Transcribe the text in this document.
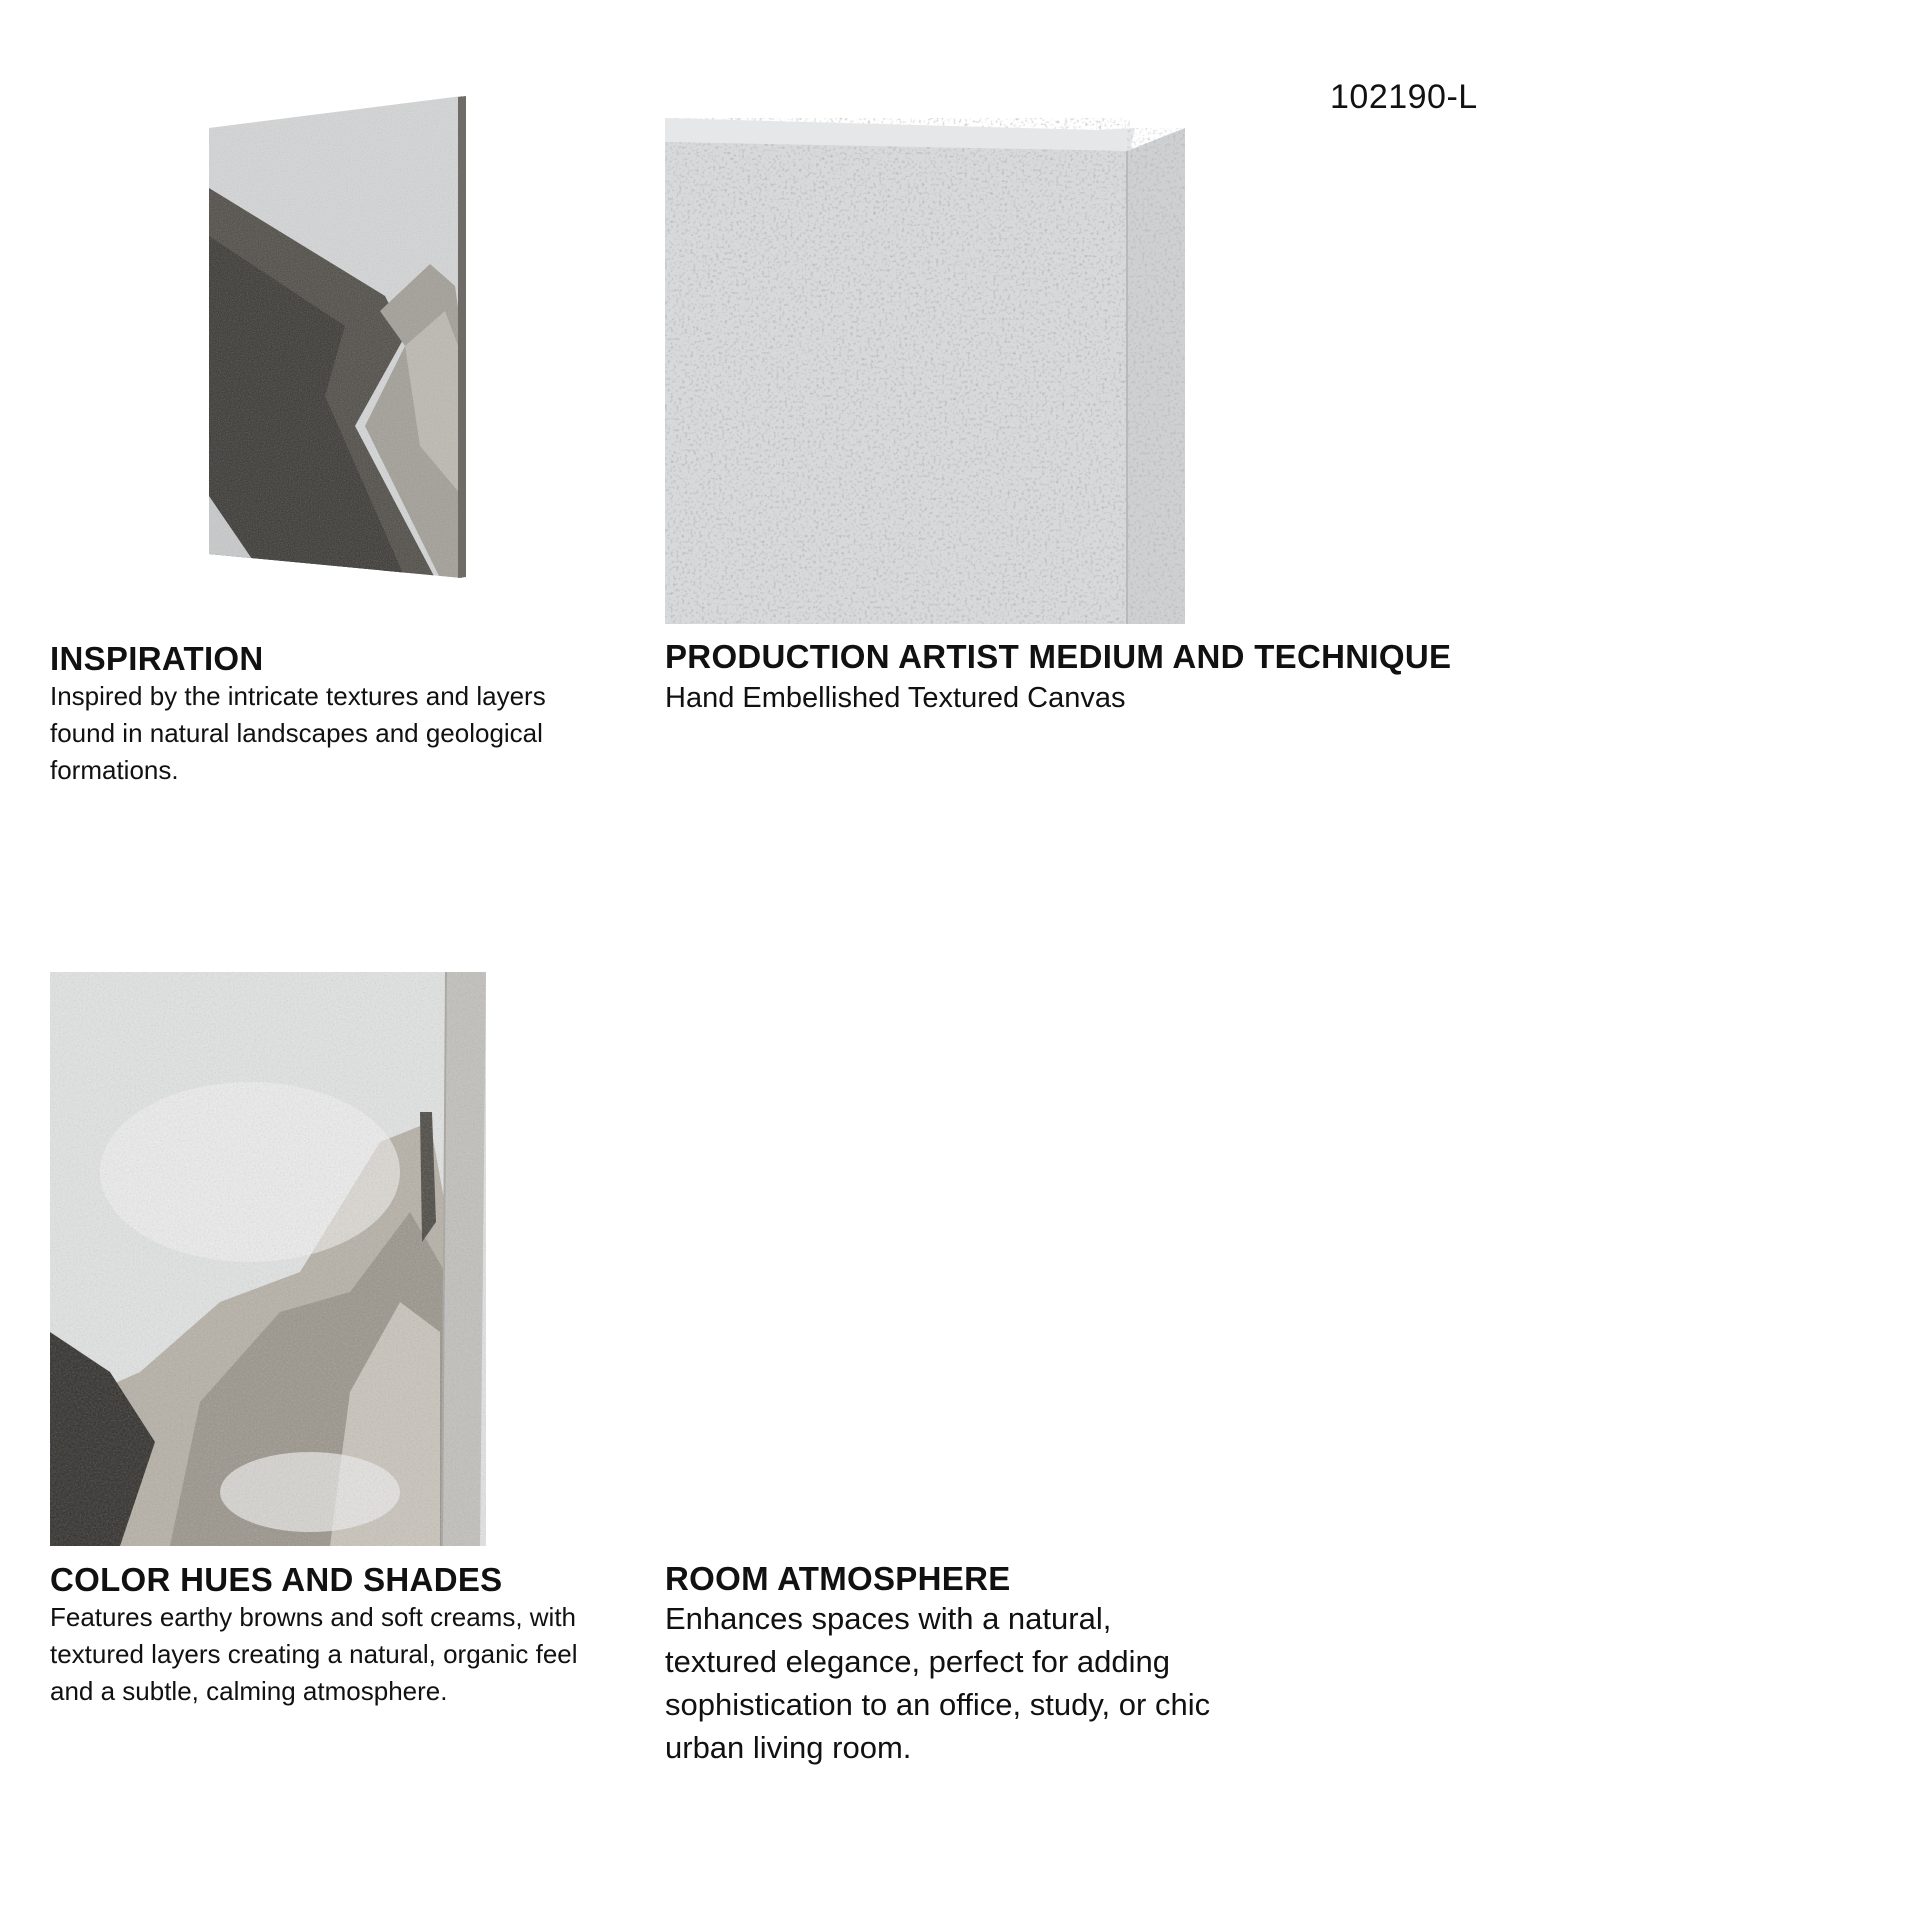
102190-L
INSPIRATION
Inspired by the intricate textures and layers
found in natural landscapes and geological
formations.
PRODUCTION ARTIST MEDIUM AND TECHNIQUE
Hand Embellished Textured Canvas
COLOR HUES AND SHADES
Features earthy browns and soft creams, with
textured layers creating a natural, organic feel
and a subtle, calming atmosphere.
ROOM ATMOSPHERE
Enhances spaces with a natural,
textured elegance, perfect for adding
sophistication to an office, study, or chic
urban living room.
